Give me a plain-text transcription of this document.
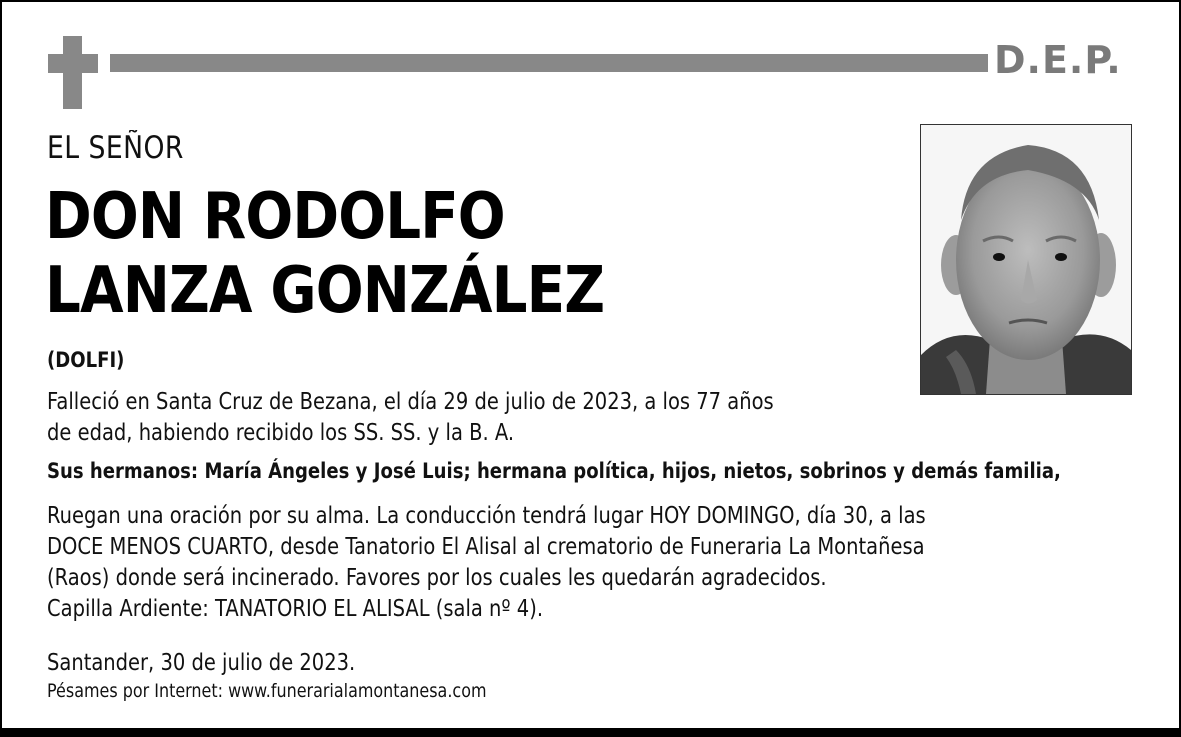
D.E.P.
EL SEÑOR
DON RODOLFO
LANZA GONZÁLEZ
(DOLFI)
Falleció en Santa Cruz de Bezana, el día 29 de julio de 2023, a los 77 años
de edad, habiendo recibido los SS. SS. y la B. A.
Sus hermanos: María Ángeles y José Luis; hermana política, hijos, nietos, sobrinos y demás familia,
Ruegan una oración por su alma. La conducción tendrá lugar HOY DOMINGO, día 30, a las
DOCE MENOS CUARTO, desde Tanatorio El Alisal al crematorio de Funeraria La Montañesa
(Raos) donde será incinerado. Favores por los cuales les quedarán agradecidos.
Capilla Ardiente: TANATORIO EL ALISAL (sala nº 4).
Santander, 30 de julio de 2023.
Pésames por Internet: www.funerarialamontanesa.com
